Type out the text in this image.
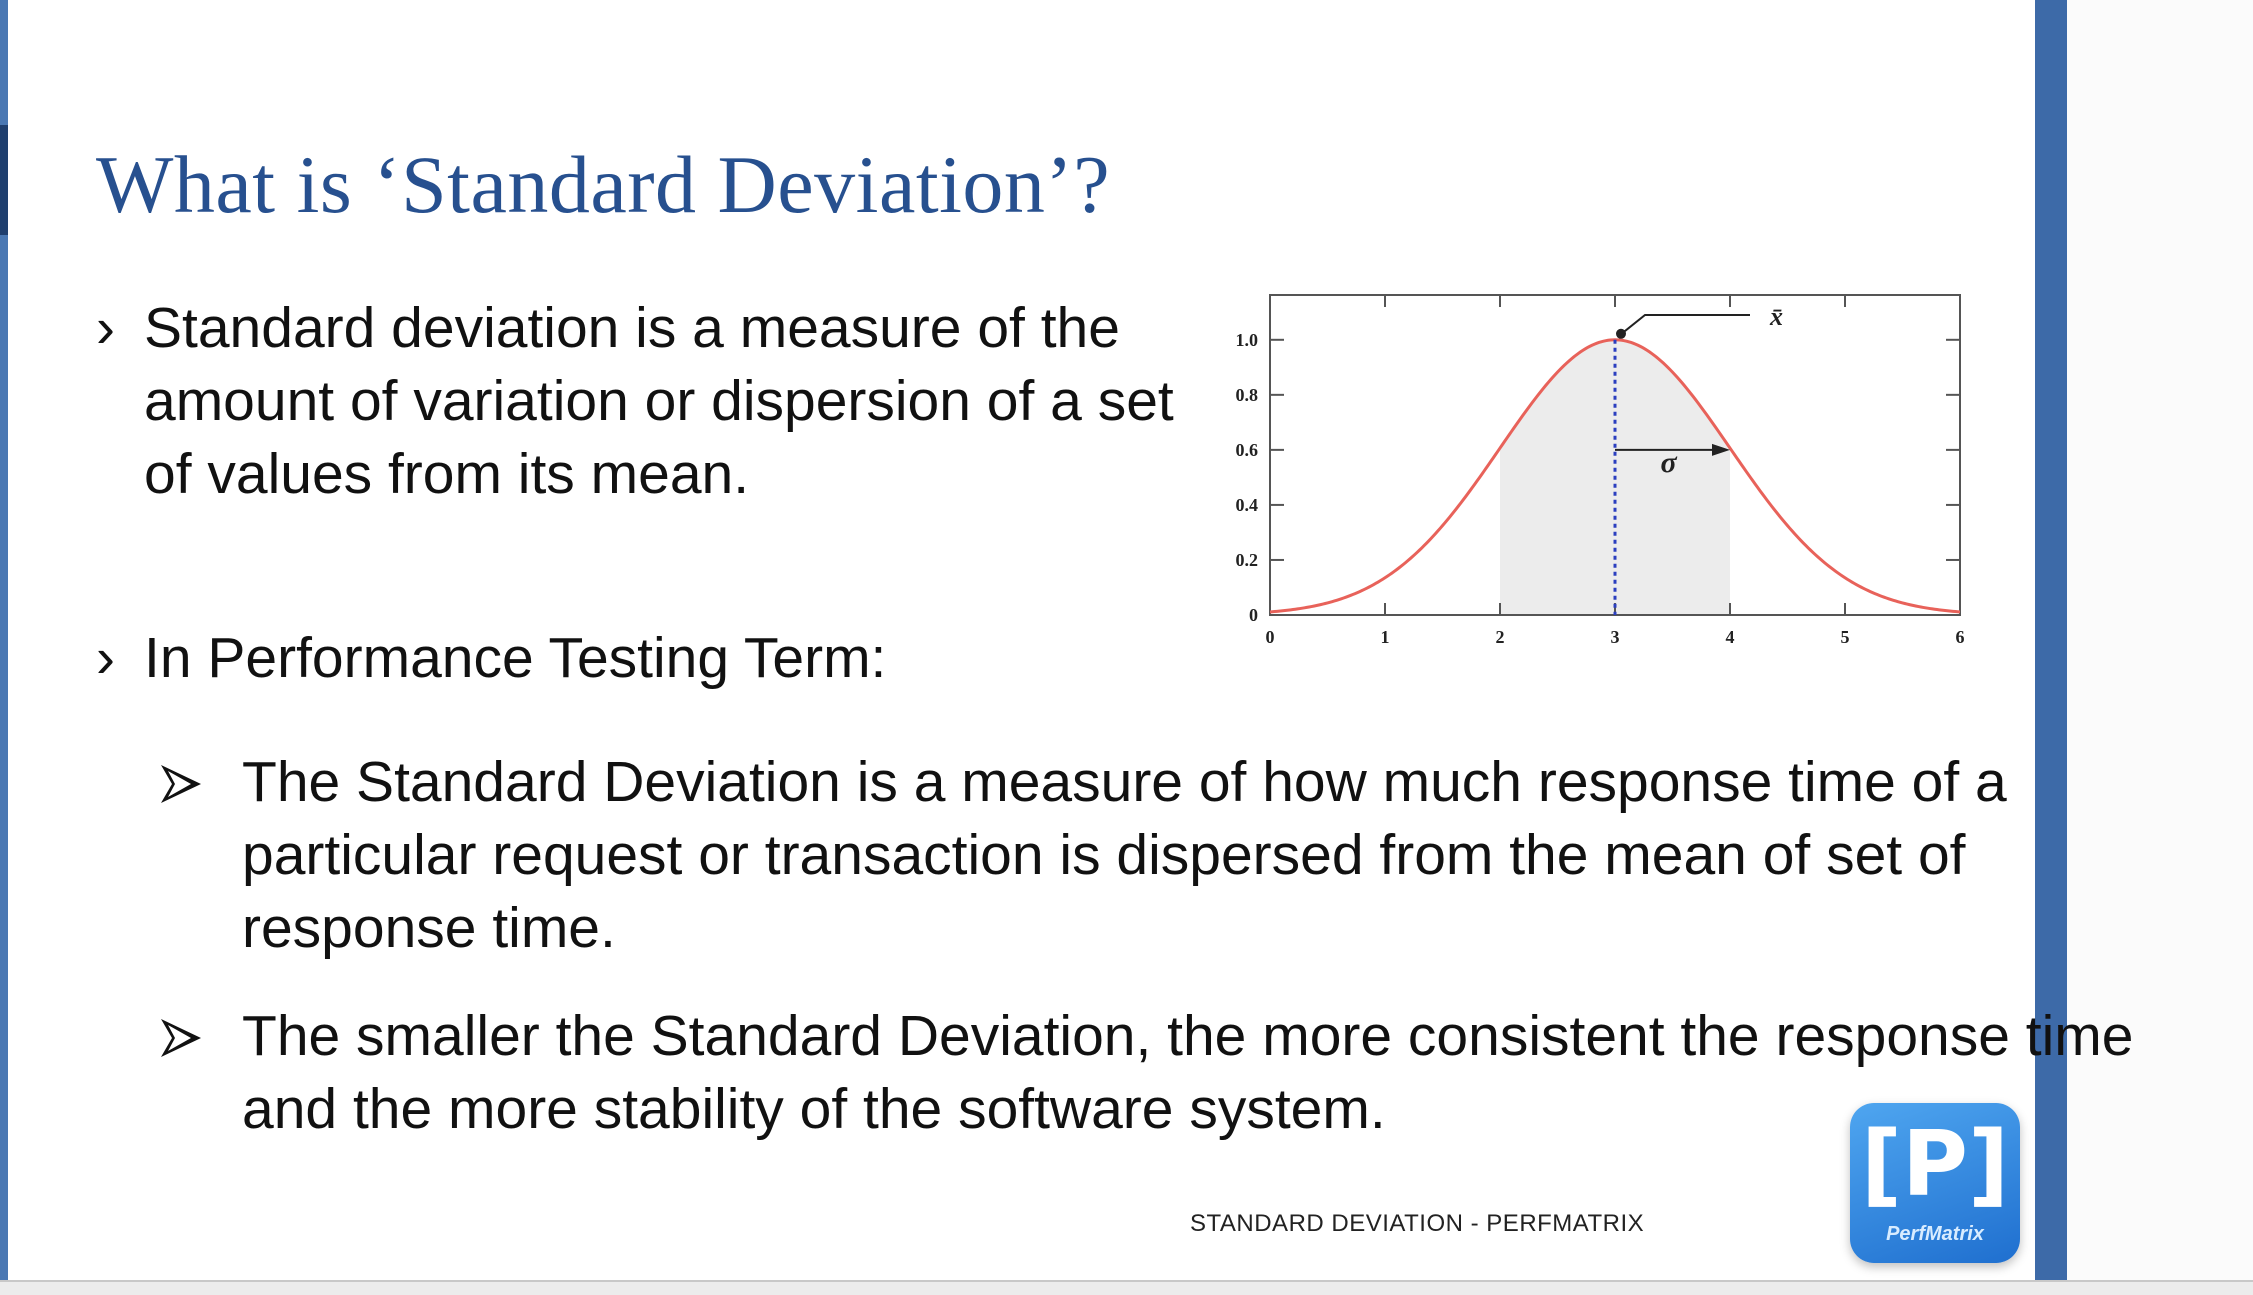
What is ‘Standard Deviation’?
› Standard deviation is a measure of the amount of variation or dispersion of a set of values from its mean.
› In Performance Testing Term:
The Standard Deviation is a measure of how much response time of a particular request or transaction is dispersed from the mean of set of response time.
The smaller the Standard Deviation, the more consistent the response time and the more stability of the software system.
0	1	2	3	4	5	6
0
0.2
0.4
0.6
0.8
1.0
x̄
σ
STANDARD DEVIATION - PERFMATRIX
[P]
PerfMatrix
